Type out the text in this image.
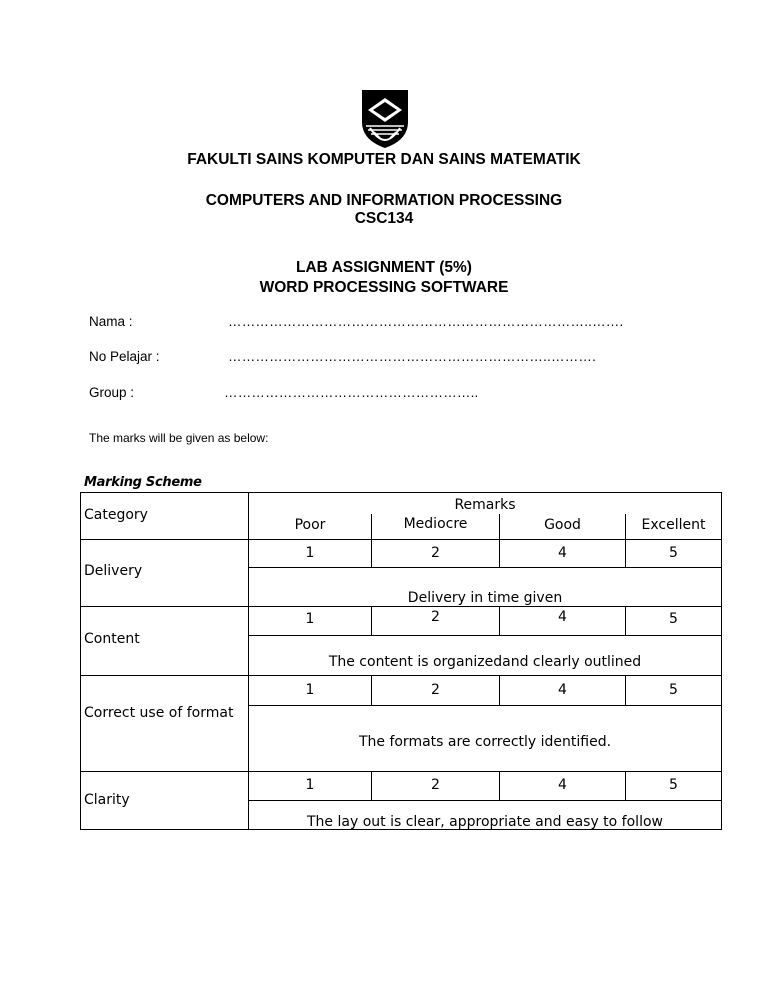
FAKULTI SAINS KOMPUTER DAN SAINS MATEMATIK
COMPUTERS AND INFORMATION PROCESSING
CSC134
LAB ASSIGNMENT (5%)
WORD PROCESSING SOFTWARE
Nama :	……………………………………………………………………..…….
No Pelajar :	……………………………………………………………..……….
Group :	………………………………………………..
The marks will be given as below:
Marking Scheme
Category
Remarks
Poor	Mediocre	Good	Excellent
Delivery
1	2	4	5
Delivery in time given
Content
1	2	4	5
The content is organizedand clearly outlined
Correct use of format
1	2	4	5
The formats are correctly identified.
Clarity
1	2	4	5
The lay out is clear, appropriate and easy to follow
